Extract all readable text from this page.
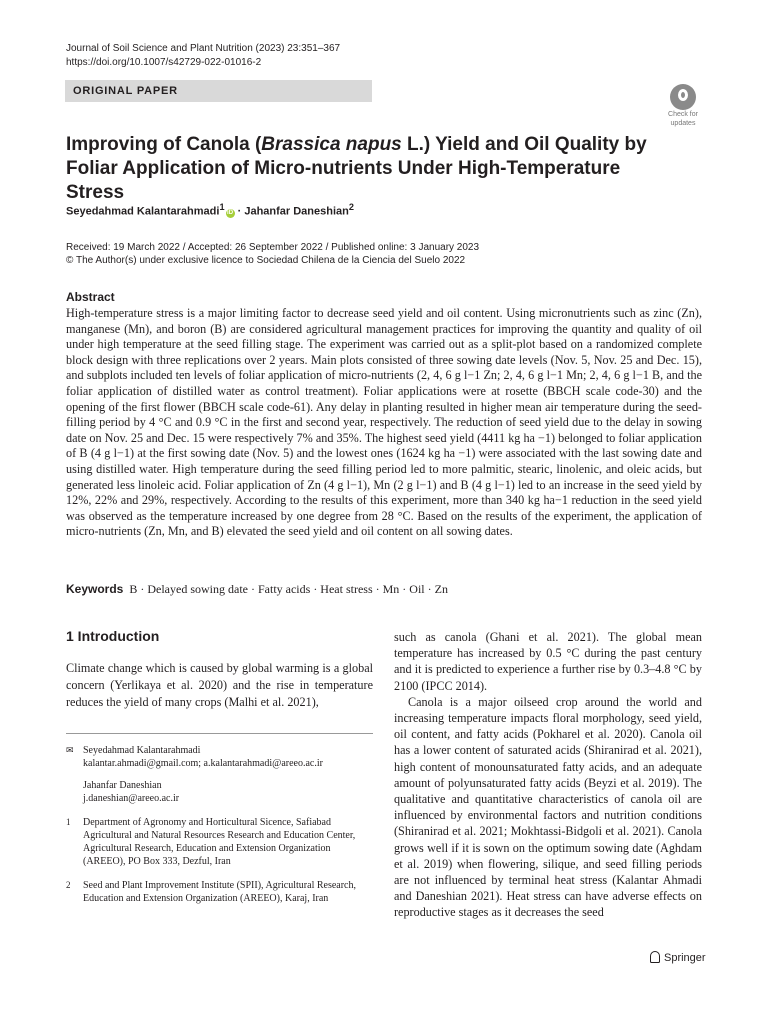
Journal of Soil Science and Plant Nutrition (2023) 23:351–367
https://doi.org/10.1007/s42729-022-01016-2
ORIGINAL PAPER
Check for
updates
Improving of Canola (Brassica napus L.) Yield and Oil Quality by Foliar Application of Micro-nutrients Under High-Temperature Stress
Seyedahmad Kalantarahmadi$^1$iD · Jahanfar Daneshian$^2$
Received: 19 March 2022 / Accepted: 26 September 2022 / Published online: 3 January 2023
© The Author(s) under exclusive licence to Sociedad Chilena de la Ciencia del Suelo 2022
Abstract
High-temperature stress is a major limiting factor to decrease seed yield and oil content. Using micronutrients such as zinc (Zn), manganese (Mn), and boron (B) are considered agricultural management practices for improving the quantity and quality of oil under high temperature at the seed filling stage. The experiment was carried out as a split-plot based on a randomized complete block design with three replications over 2 years. Main plots consisted of three sowing date levels (Nov. 5, Nov. 25 and Dec. 15), and subplots included ten levels of foliar application of micro-nutrients (2, 4, 6 g l−1 Zn; 2, 4, 6 g l−1 Mn; 2, 4, 6 g l−1 B, and the foliar application of distilled water as control treatment). Foliar applications were at rosette (BBCH scale code-30) and the opening of the first flower (BBCH scale code-61). Any delay in planting resulted in higher mean air temperature during the seed-filling period by 4 °C and 0.9 °C in the first and second year, respectively. The reduction of seed yield due to the delay in sowing date on Nov. 25 and Dec. 15 were respectively 7% and 35%. The highest seed yield (4411 kg ha −1) belonged to foliar application of B (4 g l−1) at the first sowing date (Nov. 5) and the lowest ones (1624 kg ha −1) were associated with the last sowing date and using distilled water. High temperature during the seed filling period led to more palmitic, stearic, linolenic, and oleic acids, but generated less linoleic acid. Foliar application of Zn (4 g l−1), Mn (2 g l−1) and B (4 g l−1) led to an increase in the seed yield by 12%, 22% and 29%, respectively. According to the results of this experiment, more than 340 kg ha−1 reduction in the seed yield was observed as the temperature increased by one degree from 28 °C. Based on the results of the experiment, the application of micro-nutrients (Zn, Mn, and B) elevated the seed yield and oil content on all sowing dates.
Keywords B · Delayed sowing date · Fatty acids · Heat stress · Mn · Oil · Zn
1 Introduction
Climate change which is caused by global warming is a global concern (Yerlikaya et al. 2020) and the rise in temperature reduces the yield of many crops (Malhi et al. 2021),
✉ Seyedahmad Kalantarahmadi
kalantar.ahmadi@gmail.com; a.kalantarahmadi@areeo.ac.ir
Jahanfar Daneshian
j.daneshian@areeo.ac.ir
1 Department of Agronomy and Horticultural Sicence, Safiabad Agricultural and Natural Resources Research and Education Center, Agricultural Research, Education and Extension Organization (AREEO), PO Box 333, Dezful, Iran
2 Seed and Plant Improvement Institute (SPII), Agricultural Research, Education and Extension Organization (AREEO), Karaj, Iran

such as canola (Ghani et al. 2021). The global mean temperature has increased by 0.5 °C during the past century and it is predicted to experience a further rise by 0.3–4.8 °C by 2100 (IPCC 2014).

Canola is a major oilseed crop around the world and increasing temperature impacts floral morphology, seed yield, oil content, and fatty acids (Pokharel et al. 2020). Canola oil has a lower content of saturated acids (Shiranirad et al. 2021), high content of monounsaturated fatty acids, and an adequate amount of polyunsaturated fatty acids (Beyzi et al. 2019). The qualitative and quantitative characteristics of canola oil are influenced by environmental factors and nutrition conditions (Shiranirad et al. 2021; Mokhtassi-Bidgoli et al. 2021). Canola grows well if it is sown on the optimum sowing date (Aghdam et al. 2019) when flowering, silique, and seed filling periods are not influenced by terminal heat stress (Kalantar Ahmadi and Daneshian 2021). Heat stress can have adverse effects on reproductive stages as it decreases the seed

Springer
